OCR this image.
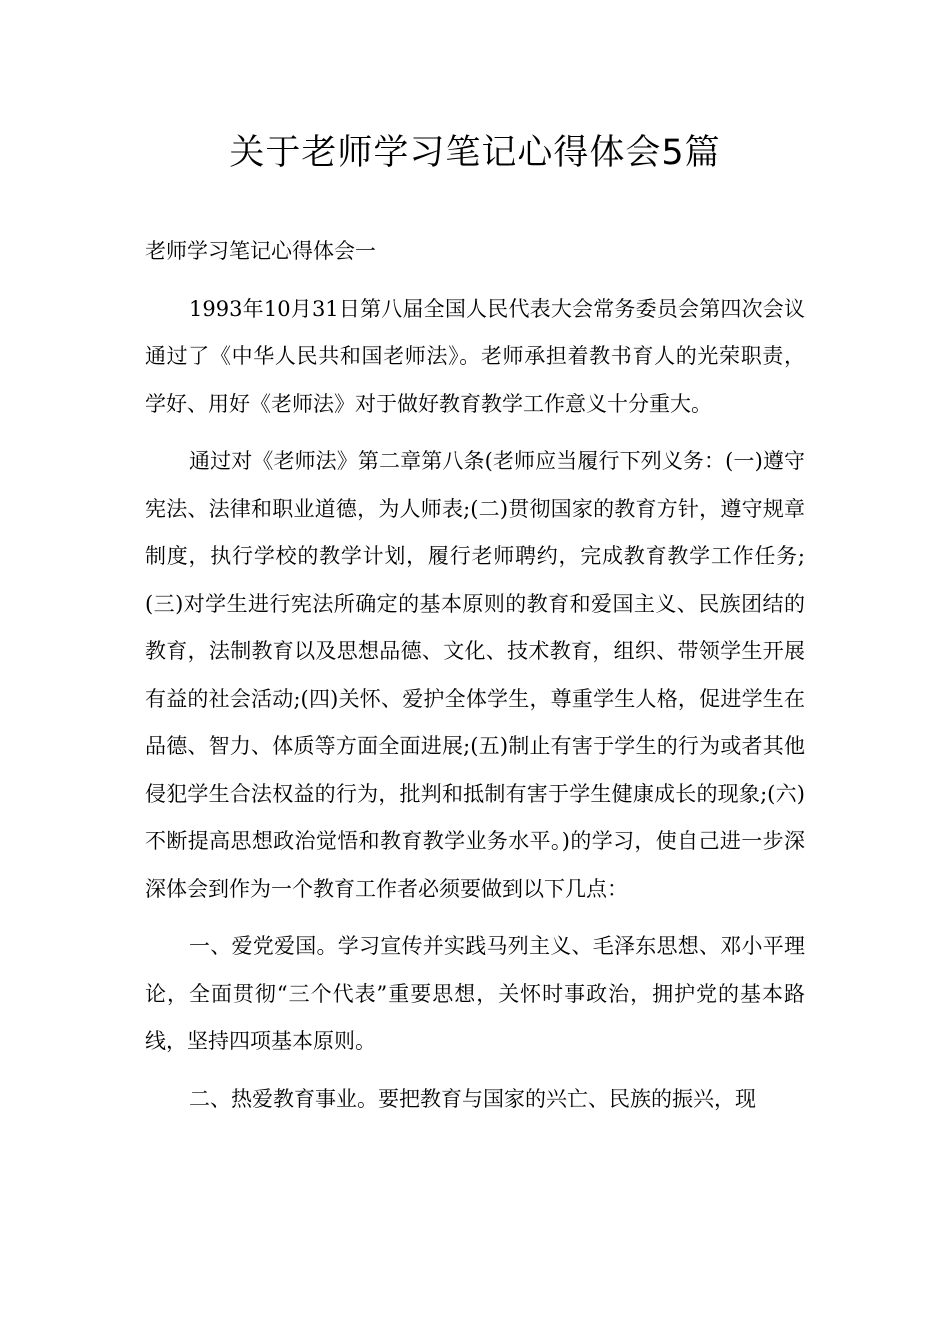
关于老师学习笔记心得体会5篇

老师学习笔记心得体会一

1993年10月31日第八届全国人民代表大会常务委员会第四次会议通过了《中华人民共和国老师法》。老师承担着教书育人的光荣职责，学好、用好《老师法》对于做好教育教学工作意义十分重大。

通过对《老师法》第二章第八条(老师应当履行下列义务：(一)遵守宪法、法律和职业道德，为人师表;(二)贯彻国家的教育方针，遵守规章制度，执行学校的教学计划，履行老师聘约，完成教育教学工作任务;(三)对学生进行宪法所确定的基本原则的教育和爱国主义、民族团结的教育，法制教育以及思想品德、文化、技术教育，组织、带领学生开展有益的社会活动;(四)关怀、爱护全体学生，尊重学生人格，促进学生在品德、智力、体质等方面全面进展;(五)制止有害于学生的行为或者其他侵犯学生合法权益的行为，批判和抵制有害于学生健康成长的现象;(六)不断提高思想政治觉悟和教育教学业务水平。)的学习，使自己进一步深深体会到作为一个教育工作者必须要做到以下几点：

一、爱党爱国。学习宣传并实践马列主义、毛泽东思想、邓小平理论，全面贯彻“三个代表”重要思想，关怀时事政治，拥护党的基本路线，坚持四项基本原则。

二、热爱教育事业。要把教育与国家的兴亡、民族的振兴，现
